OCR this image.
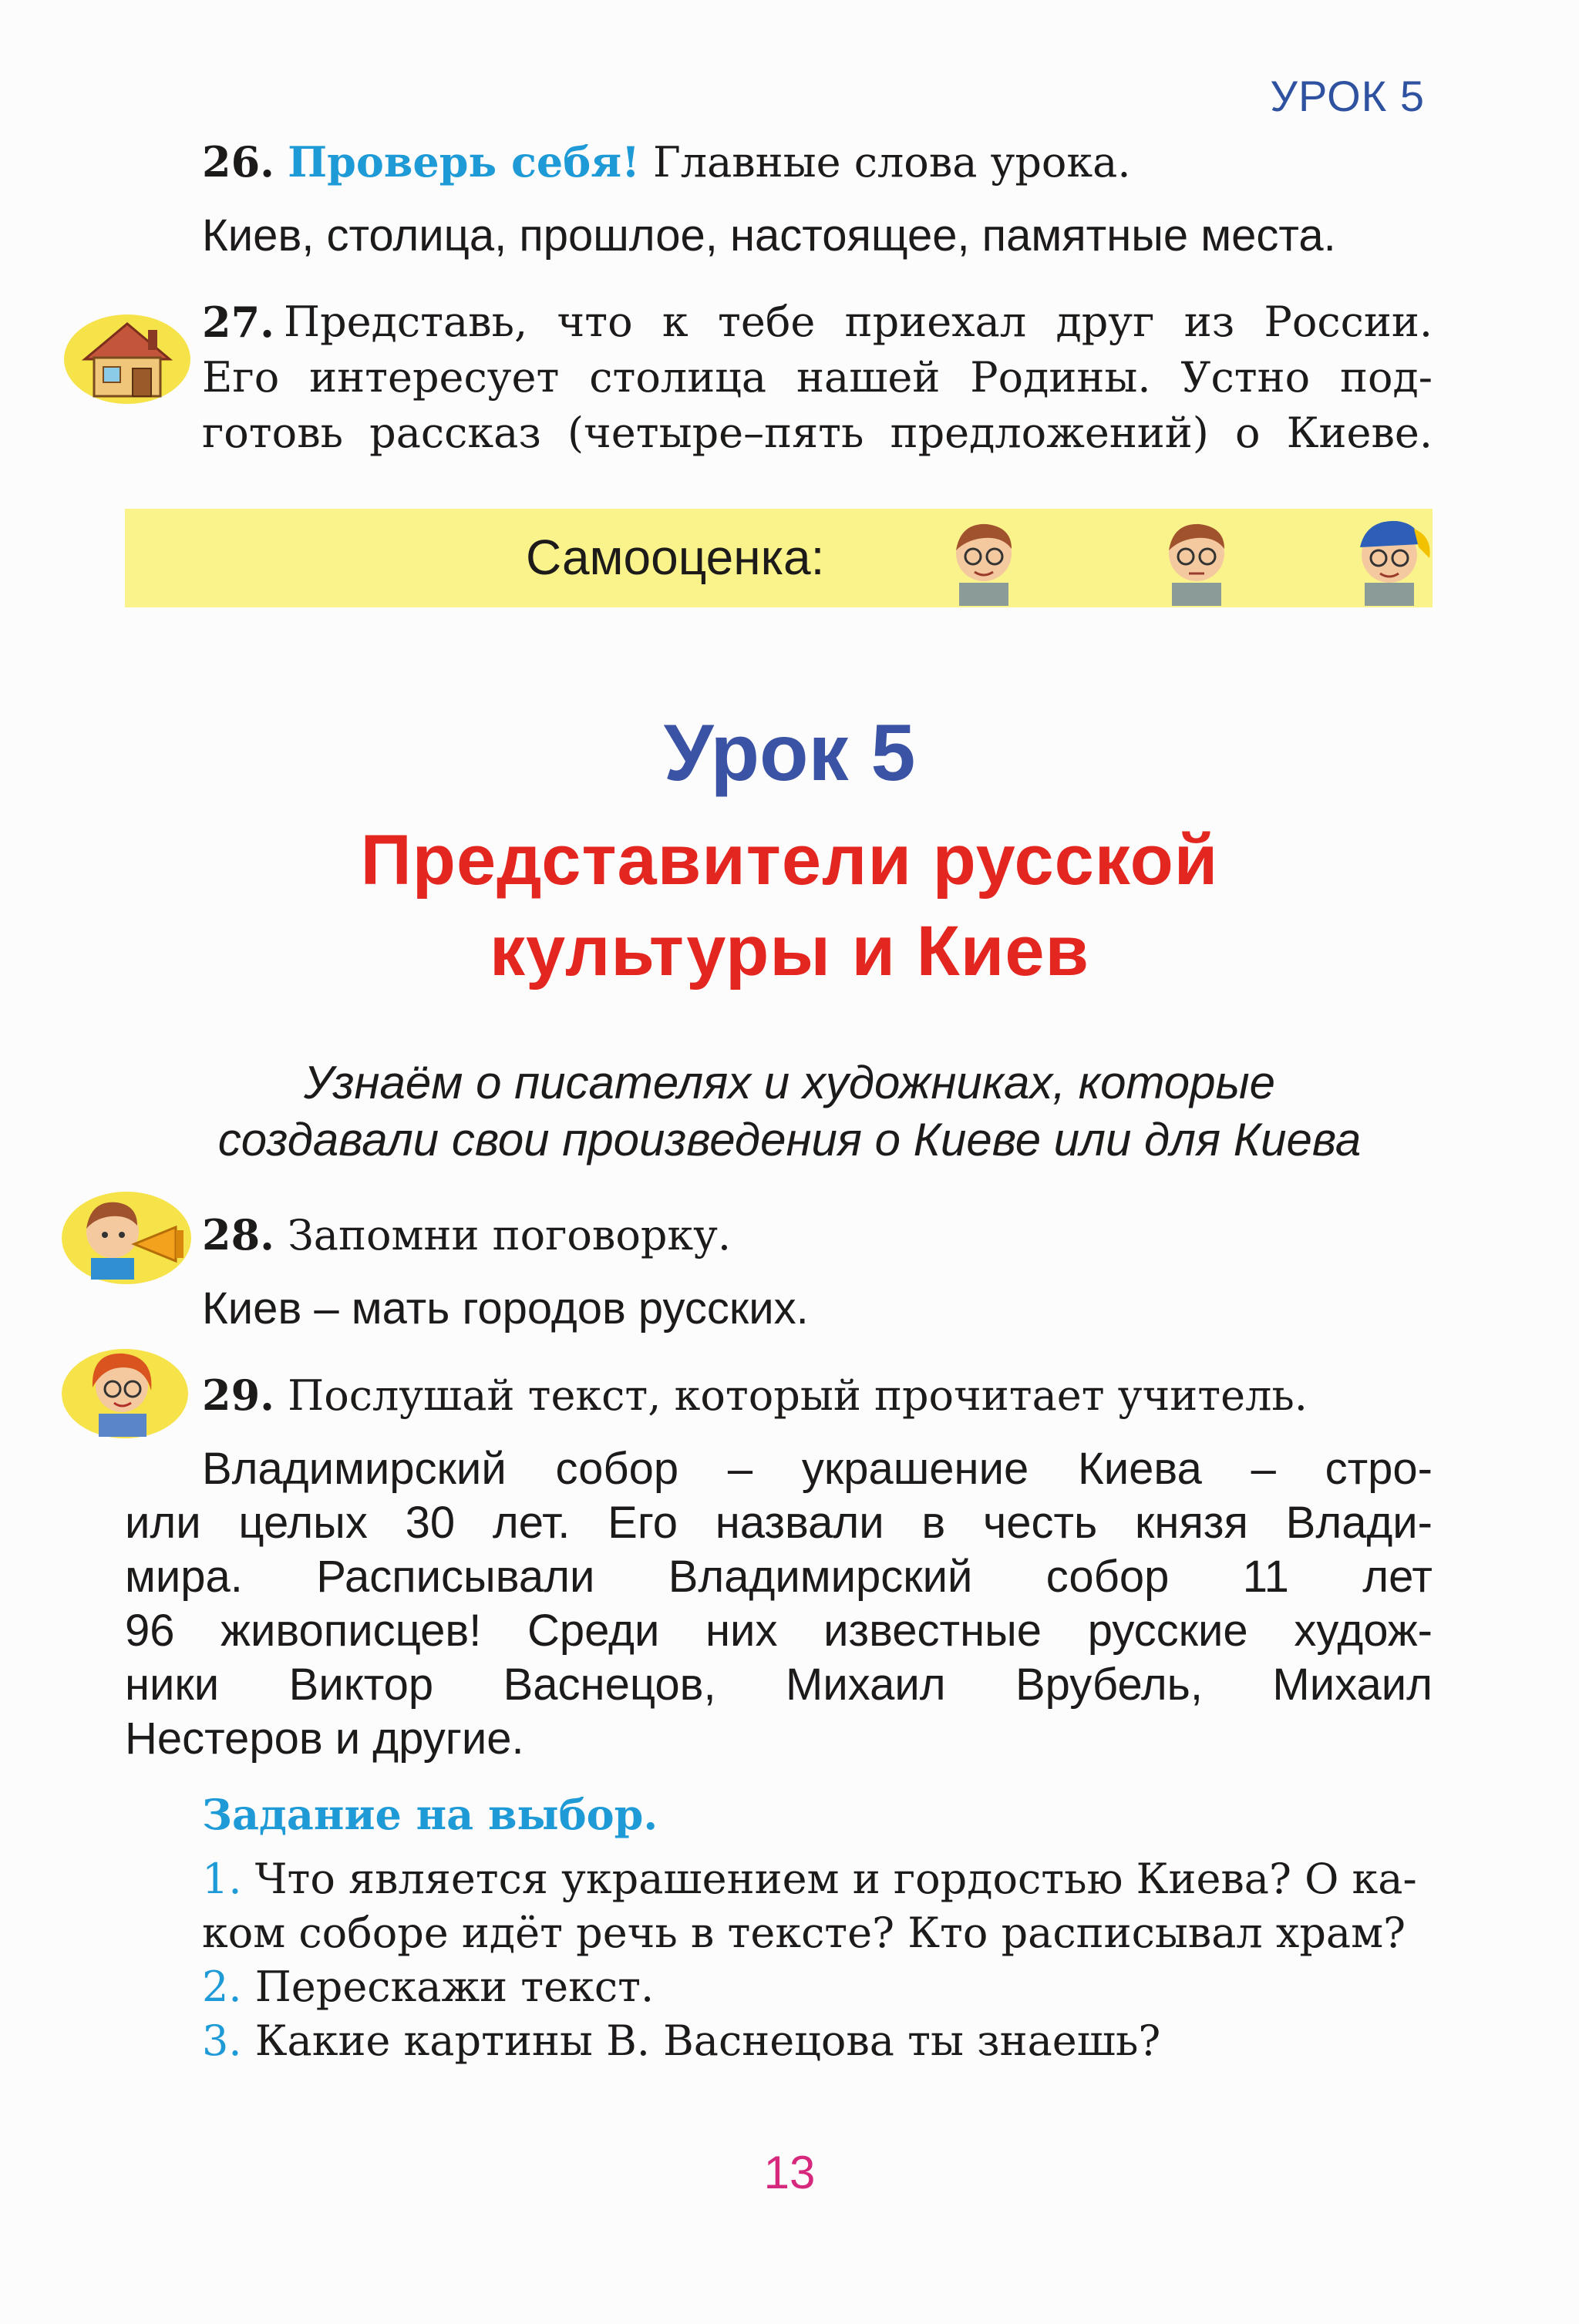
УРОК 5
26. Проверь себя! Главные слова урока.
Киев, столица, прошлое, настоящее, памятные места.
27. Представь, что к тебе приехал друг из России.
Его интересует столица нашей Родины. Устно под-
готовь рассказ (четыре–пять предложений) о Киеве.
Самооценка:
Урок 5
Представители русской
культуры и Киев
Узнаём о писателях и художниках, которые
создавали свои произведения о Киеве или для Киева
28. Запомни поговорку.
Киев – мать городов русских.
29. Послушай текст, который прочитает учитель.
Владимирский собор – украшение Киева – стро-
или целых 30 лет. Его назвали в честь князя Влади-
мира. Расписывали Владимирский собор 11 лет
96 живописцев! Среди них известные русские худож-
ники Виктор Васнецов, Михаил Врубель, Михаил
Нестеров и другие.
Задание на выбор.
1. Что является украшением и гордостью Киева? О ка-
ком соборе идёт речь в тексте? Кто расписывал храм?
2. Перескажи текст.
3. Какие картины В. Васнецова ты знаешь?
13
